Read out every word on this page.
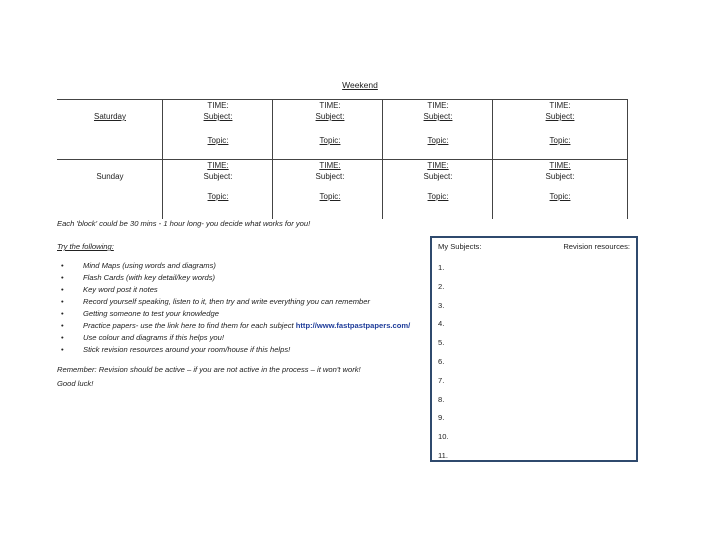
Weekend
Saturday
TIME:
Subject:
Topic:
TIME:
Subject:
Topic:
TIME:
Subject:
Topic:
TIME:
Subject:
Topic:
Sunday
TIME:
Subject:
Topic:
TIME:
Subject:
Topic:
TIME:
Subject:
Topic:
TIME:
Subject:
Topic:

Each 'block' could be 30 mins - 1 hour long- you decide what works for you!

Try the following:

• Mind Maps (using words and diagrams)
• Flash Cards (with key detail/key words)
• Key word post it notes
• Record yourself speaking, listen to it, then try and write everything you can remember
• Getting someone to test your knowledge
• Practice papers- use the link here to find them for each subject http://www.fastpastpapers.com/
• Use colour and diagrams if this helps you!
• Stick revision resources around your room/house if this helps!

Remember: Revision should be active – if you are not active in the process – it won't work!

Good luck!

My Subjects:	Revision resources:
1.
2.
3.
4.
5.
6.
7.
8.
9.
10.
11.
